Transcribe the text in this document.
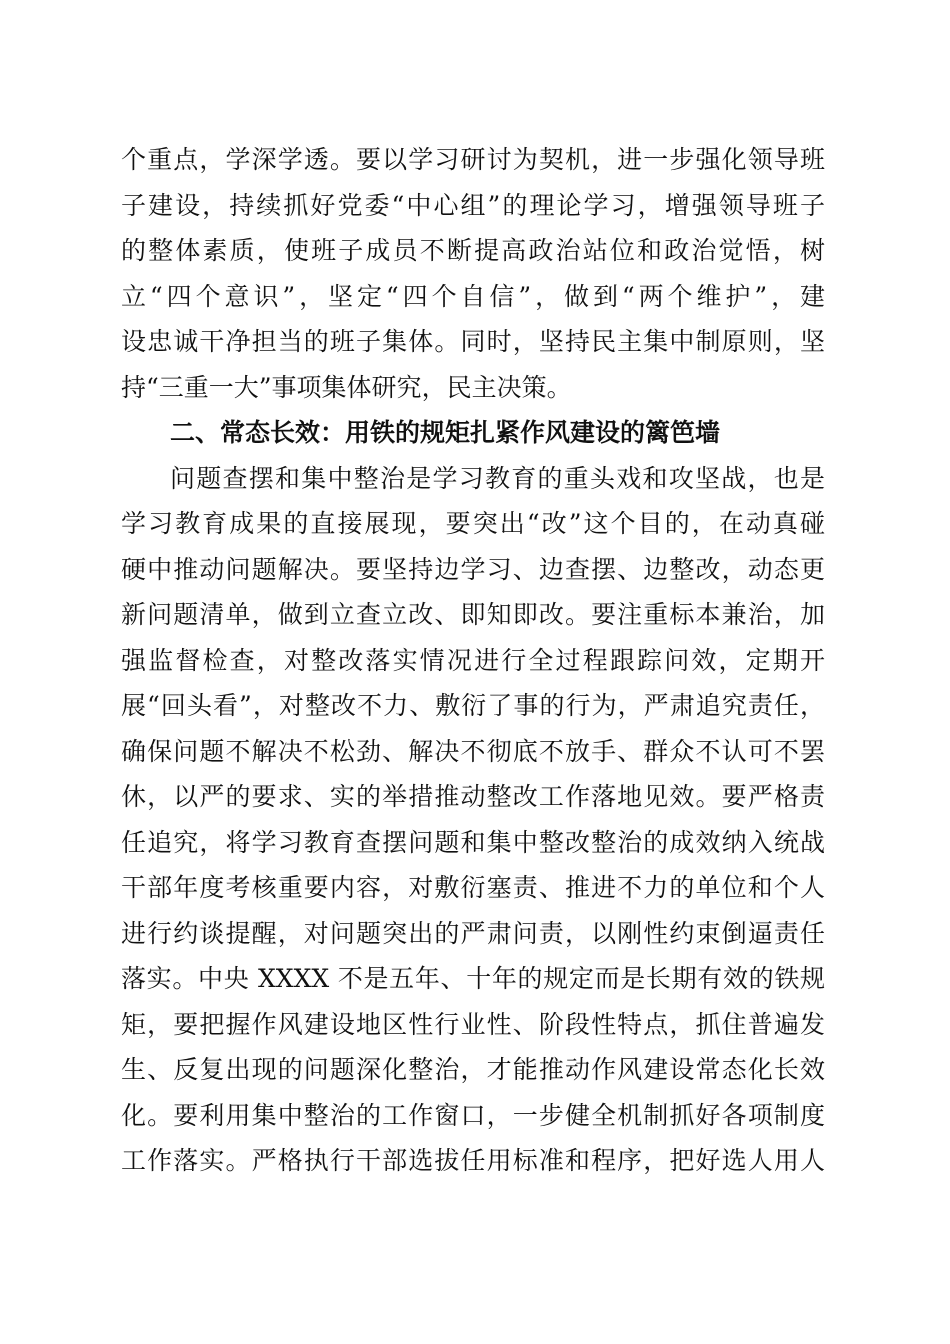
个重点，学深学透。要以学习研讨为契机，进一步强化领导班

子建设，持续抓好党委“中心组”的理论学习，增强领导班子

的整体素质，使班子成员不断提高政治站位和政治觉悟，树

立“四个意识”，坚定“四个自信”，做到“两个维护”，建

设忠诚干净担当的班子集体。同时，坚持民主集中制原则，坚

持“三重一大”事项集体研究，民主决策。

二、常态长效：用铁的规矩扎紧作风建设的篱笆墙

问题查摆和集中整治是学习教育的重头戏和攻坚战，也是

学习教育成果的直接展现，要突出“改”这个目的，在动真碰

硬中推动问题解决。要坚持边学习、边查摆、边整改，动态更

新问题清单，做到立查立改、即知即改。要注重标本兼治，加

强监督检查，对整改落实情况进行全过程跟踪问效，定期开

展“回头看”，对整改不力、敷衍了事的行为，严肃追究责任，

确保问题不解决不松劲、解决不彻底不放手、群众不认可不罢

休，以严的要求、实的举措推动整改工作落地见效。要严格责

任追究，将学习教育查摆问题和集中整改整治的成效纳入统战

干部年度考核重要内容，对敷衍塞责、推进不力的单位和个人

进行约谈提醒，对问题突出的严肃问责，以刚性约束倒逼责任

落实。中央 XXXX 不是五年、十年的规定而是长期有效的铁规

矩，要把握作风建设地区性行业性、阶段性特点，抓住普遍发

生、反复出现的问题深化整治，才能推动作风建设常态化长效

化。要利用集中整治的工作窗口，一步健全机制抓好各项制度

工作落实。严格执行干部选拔任用标准和程序，把好选人用人
